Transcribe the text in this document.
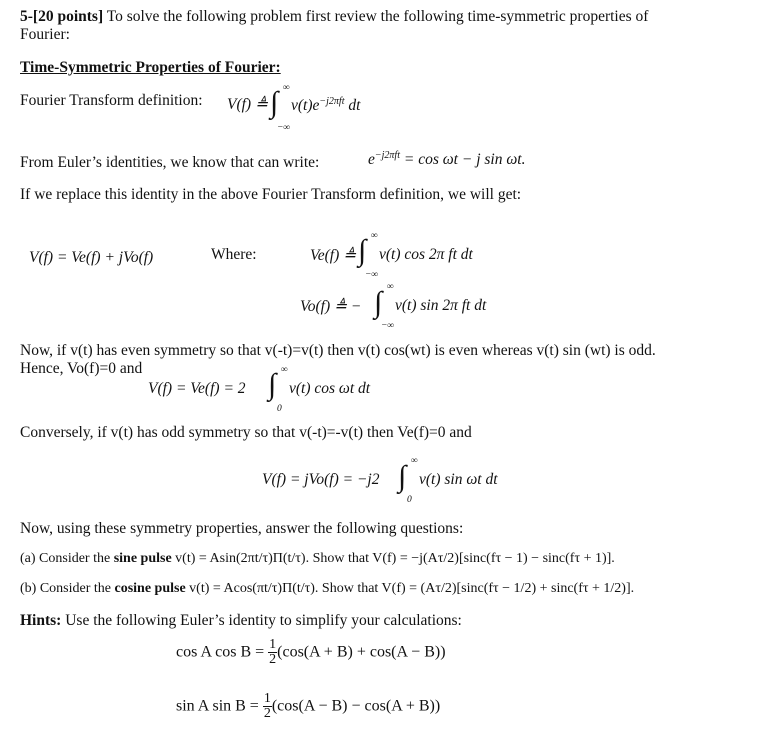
5-[20 points] To solve the following problem first review the following time-symmetric properties of
Fourier:
Time-Symmetric Properties of Fourier:
Fourier Transform definition: V(f) ≜ ∫ ∞
−∞
$v(t)e^{-j2\pi ft}$ dt
From Euler’s identities, we know that can write:	$e^{-j2\pi ft} = \cos \omega t - j$ sin ωt.
If we replace this identity in the above Fourier Transform definition, we will get:
V(f) = Ve(f) + jVo(f)	Where:	Ve(f) ≜ ∫ ∞
−∞
v(t) cos 2π ft dt
Vo(f) ≜ − ∫ ∞
−∞
v(t) sin 2π ft dt
Now, if v(t) has even symmetry so that v(-t)=v(t) then v(t) cos(wt) is even whereas v(t) sin (wt) is odd.
Hence, Vo(f)=0 and
V(f) = Ve(f) = 2 ∫ ∞
0
v(t) cos ωt dt
Conversely, if v(t) has odd symmetry so that v(-t)=-v(t) then Ve(f)=0 and
V(f) = jVo(f) = −j2 ∫ ∞
0
v(t) sin ωt dt
Now, using these symmetry properties, answer the following questions:
(a) Consider the sine pulse v(t) = Asin(2πt/τ)Π(t/τ). Show that V(f) = −j(Aτ/2)[sinc(fτ − 1) − sinc(fτ + 1)].
(b) Consider the cosine pulse v(t) = Acos(πt/τ)Π(t/τ). Show that V(f) = (Aτ/2)[sinc(fτ − 1/2) + sinc(fτ + 1/2)].
Hints: Use the following Euler’s identity to simplify your calculations:
cos A $\cos B = \frac{1}{2} (\cos(A + B) + \cos(A - B))$
sin A $\sin B = \frac{1}{2} (\cos(A - B) - \cos(A + B))$
